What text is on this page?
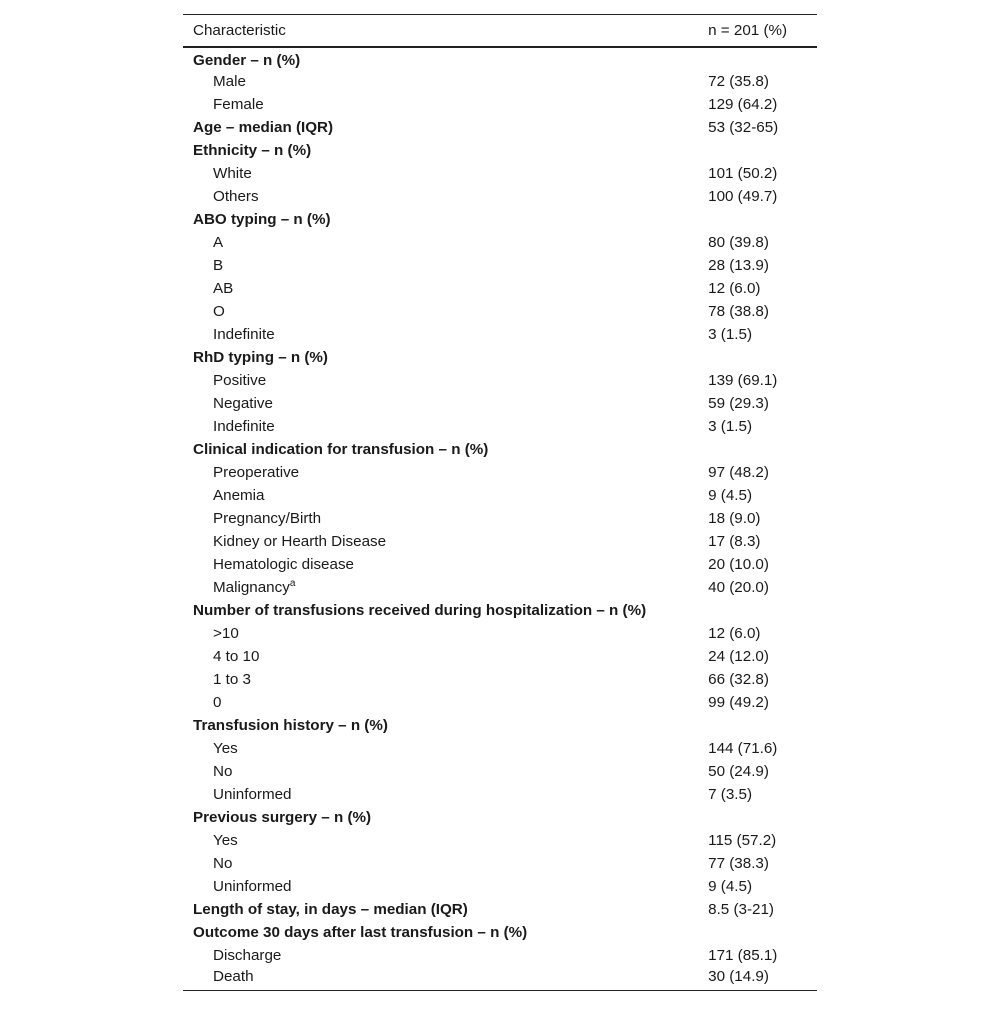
Characteristic	n = 201 (%)
Gender – n (%)	
Male	72 (35.8)
Female	129 (64.2)
Age – median (IQR)	53 (32-65)
Ethnicity – n (%)	
White	101 (50.2)
Others	100 (49.7)
ABO typing – n (%)	
A	80 (39.8)
B	28 (13.9)
AB	12 (6.0)
O	78 (38.8)
Indefinite	3 (1.5)
RhD typing – n (%)	
Positive	139 (69.1)
Negative	59 (29.3)
Indefinite	3 (1.5)
Clinical indication for transfusion – n (%)	
Preoperative	97 (48.2)
Anemia	9 (4.5)
Pregnancy/Birth	18 (9.0)
Kidney or Hearth Disease	17 (8.3)
Hematologic disease	20 (10.0)
Malignancy$^a$	40 (20.0)
Number of transfusions received during hospitalization – n (%)	
>10	12 (6.0)
4 to 10	24 (12.0)
1 to 3	66 (32.8)
0	99 (49.2)
Transfusion history – n (%)	
Yes	144 (71.6)
No	50 (24.9)
Uninformed	7 (3.5)
Previous surgery – n (%)	
Yes	115 (57.2)
No	77 (38.3)
Uninformed	9 (4.5)
Length of stay, in days – median (IQR)	8.5 (3-21)
Outcome 30 days after last transfusion – n (%)	
Discharge	171 (85.1)
Death	30 (14.9)
